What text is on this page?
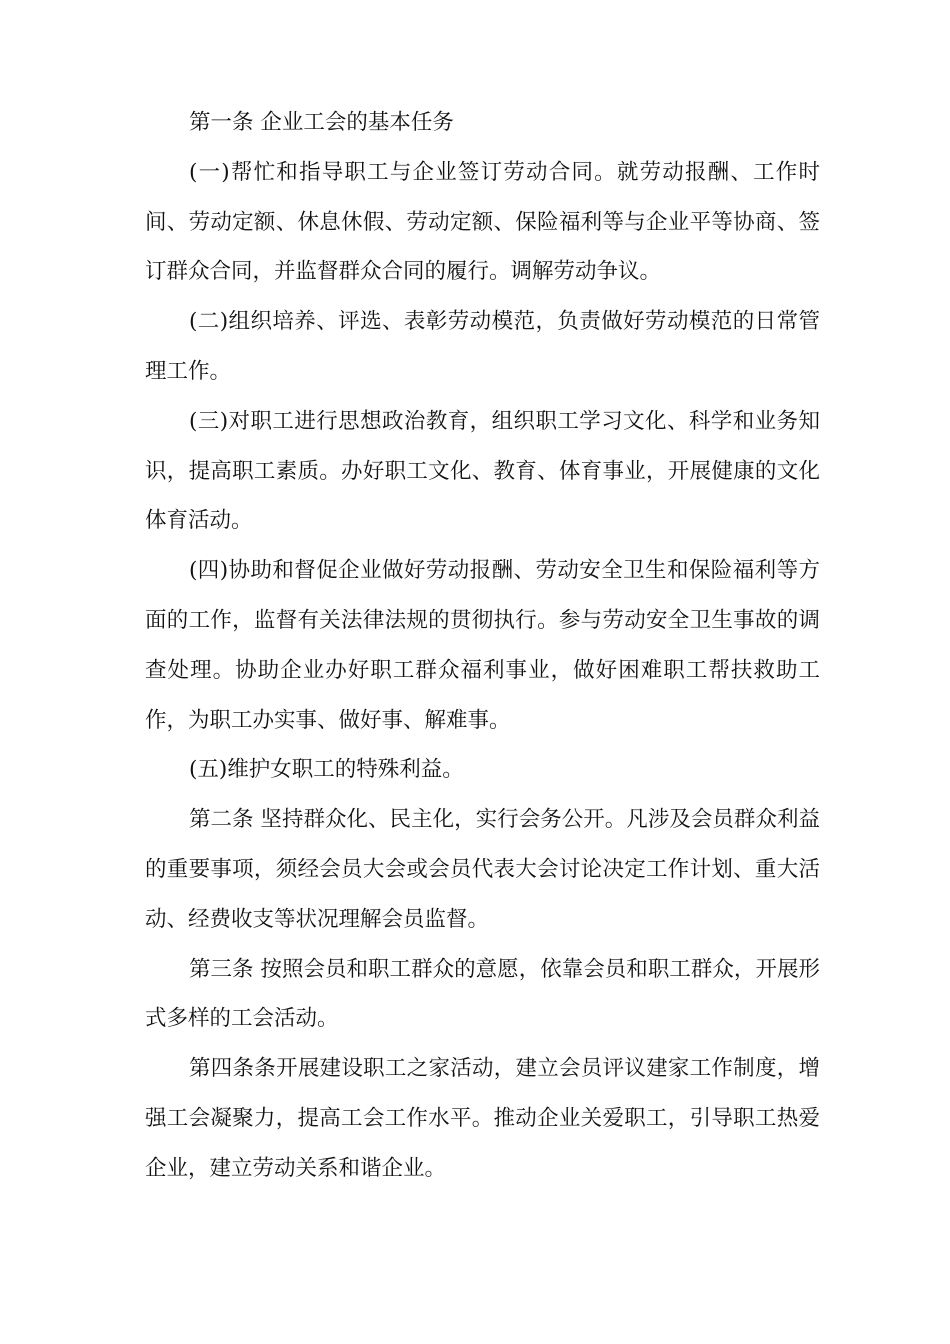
第一条 企业工会的基本任务

(一)帮忙和指导职工与企业签订劳动合同。就劳动报酬、工作时间、劳动定额、休息休假、劳动定额、保险福利等与企业平等协商、签订群众合同，并监督群众合同的履行。调解劳动争议。

(二)组织培养、评选、表彰劳动模范，负责做好劳动模范的日常管理工作。

(三)对职工进行思想政治教育，组织职工学习文化、科学和业务知识，提高职工素质。办好职工文化、教育、体育事业，开展健康的文化体育活动。

(四)协助和督促企业做好劳动报酬、劳动安全卫生和保险福利等方面的工作，监督有关法律法规的贯彻执行。参与劳动安全卫生事故的调查处理。协助企业办好职工群众福利事业，做好困难职工帮扶救助工作，为职工办实事、做好事、解难事。

(五)维护女职工的特殊利益。

第二条 坚持群众化、民主化，实行会务公开。凡涉及会员群众利益的重要事项，须经会员大会或会员代表大会讨论决定工作计划、重大活动、经费收支等状况理解会员监督。

第三条 按照会员和职工群众的意愿，依靠会员和职工群众，开展形式多样的工会活动。

第四条条开展建设职工之家活动，建立会员评议建家工作制度，增强工会凝聚力，提高工会工作水平。推动企业关爱职工，引导职工热爱企业，建立劳动关系和谐企业。
